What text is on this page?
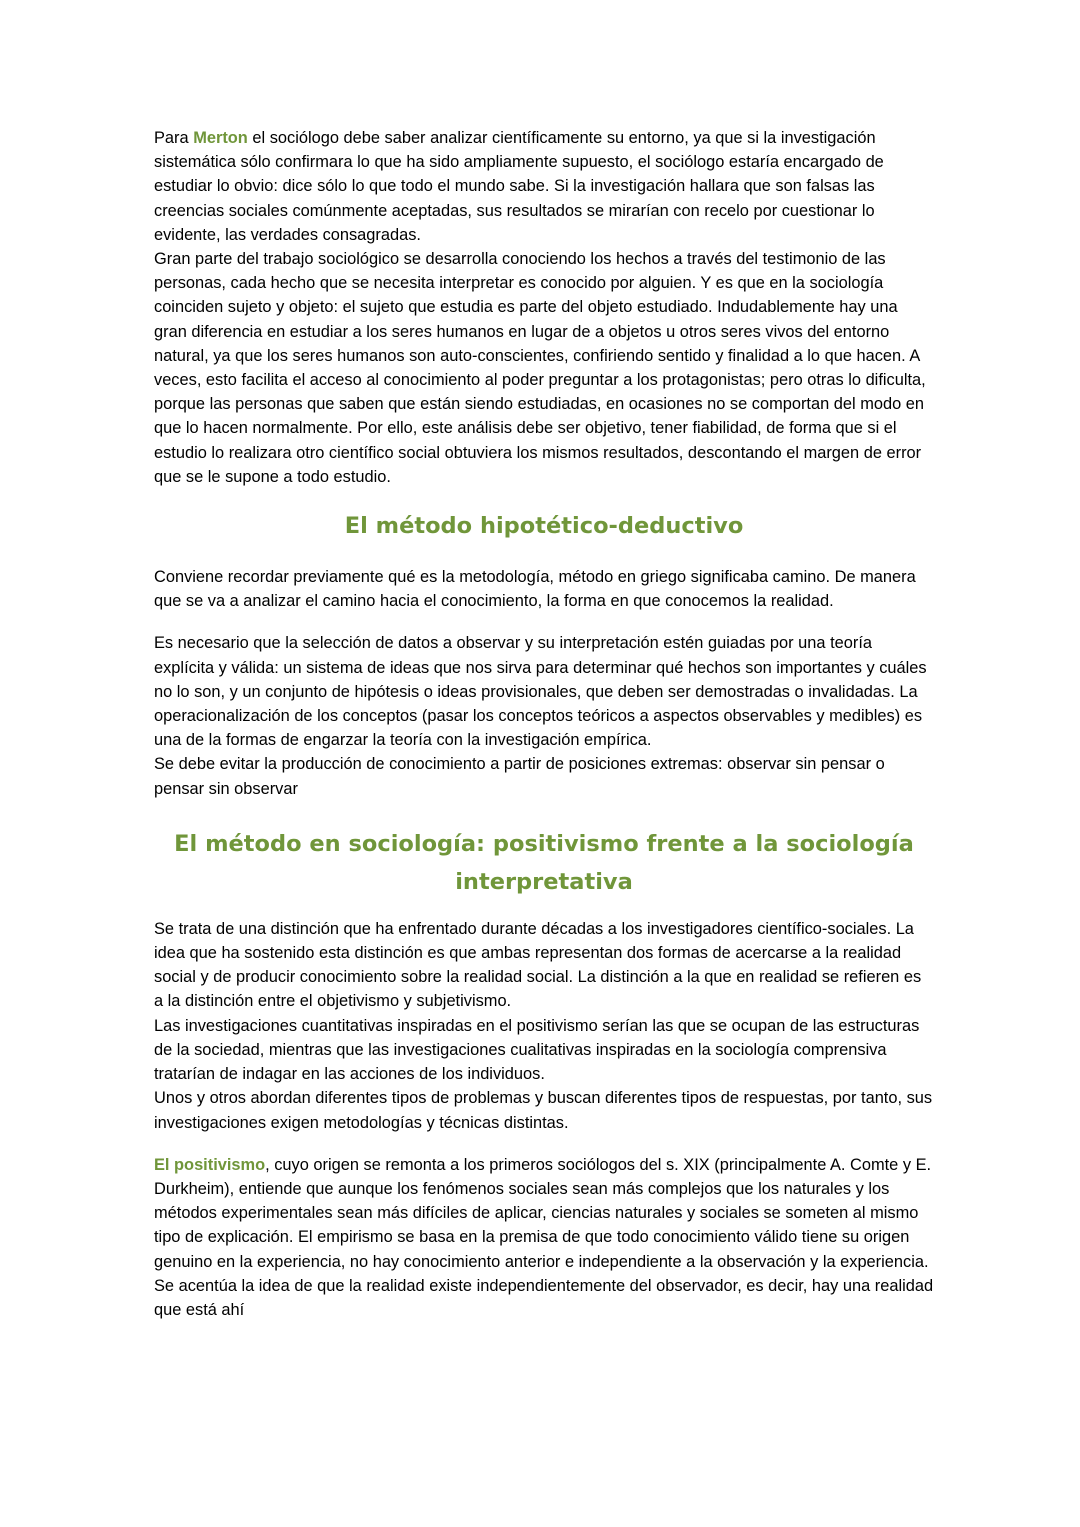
Para Merton el sociólogo debe saber analizar científicamente su entorno, ya que si la investigación sistemática sólo confirmara lo que ha sido ampliamente supuesto, el sociólogo estaría encargado de estudiar lo obvio: dice sólo lo que todo el mundo sabe. Si la investigación hallara que son falsas las creencias sociales comúnmente aceptadas, sus resultados se mirarían con recelo por cuestionar lo evidente, las verdades consagradas.

Gran parte del trabajo sociológico se desarrolla conociendo los hechos a través del testimonio de las personas, cada hecho que se necesita interpretar es conocido por alguien. Y es que en la sociología coinciden sujeto y objeto: el sujeto que estudia es parte del objeto estudiado. Indudablemente hay una gran diferencia en estudiar a los seres humanos en lugar de a objetos u otros seres vivos del entorno natural, ya que los seres humanos son auto-conscientes, confiriendo sentido y finalidad a lo que hacen. A veces, esto facilita el acceso al conocimiento al poder preguntar a los protagonistas; pero otras lo dificulta, porque las personas que saben que están siendo estudiadas, en ocasiones no se comportan del modo en que lo hacen normalmente. Por ello, este análisis debe ser objetivo, tener fiabilidad, de forma que si el estudio lo realizara otro científico social obtuviera los mismos resultados, descontando el margen de error que se le supone a todo estudio.

El método hipotético-deductivo

Conviene recordar previamente qué es la metodología, método en griego significaba camino. De manera que se va a analizar el camino hacia el conocimiento, la forma en que conocemos la realidad.

Es necesario que la selección de datos a observar y su interpretación estén guiadas por una teoría explícita y válida: un sistema de ideas que nos sirva para determinar qué hechos son importantes y cuáles no lo son, y un conjunto de hipótesis o ideas provisionales, que deben ser demostradas o invalidadas. La operacionalización de los conceptos (pasar los conceptos teóricos a aspectos observables y medibles) es una de la formas de engarzar la teoría con la investigación empírica.

Se debe evitar la producción de conocimiento a partir de posiciones extremas: observar sin pensar o pensar sin observar

El método en sociología: positivismo frente a la sociología
interpretativa

Se trata de una distinción que ha enfrentado durante décadas a los investigadores científico-sociales. La idea que ha sostenido esta distinción es que ambas representan dos formas de acercarse a la realidad social y de producir conocimiento sobre la realidad social. La distinción a la que en realidad se refieren es a la distinción entre el objetivismo y subjetivismo.

Las investigaciones cuantitativas inspiradas en el positivismo serían las que se ocupan de las estructuras de la sociedad, mientras que las investigaciones cualitativas inspiradas en la sociología comprensiva tratarían de indagar en las acciones de los individuos.

Unos y otros abordan diferentes tipos de problemas y buscan diferentes tipos de respuestas, por tanto, sus investigaciones exigen metodologías y técnicas distintas.

El positivismo, cuyo origen se remonta a los primeros sociólogos del s. XIX (principalmente A. Comte y E. Durkheim), entiende que aunque los fenómenos sociales sean más complejos que los naturales y los métodos experimentales sean más difíciles de aplicar, ciencias naturales y sociales se someten al mismo tipo de explicación. El empirismo se basa en la premisa de que todo conocimiento válido tiene su origen genuino en la experiencia, no hay conocimiento anterior e independiente a la observación y la experiencia. Se acentúa la idea de que la realidad existe independientemente del observador, es decir, hay una realidad que está ahí
